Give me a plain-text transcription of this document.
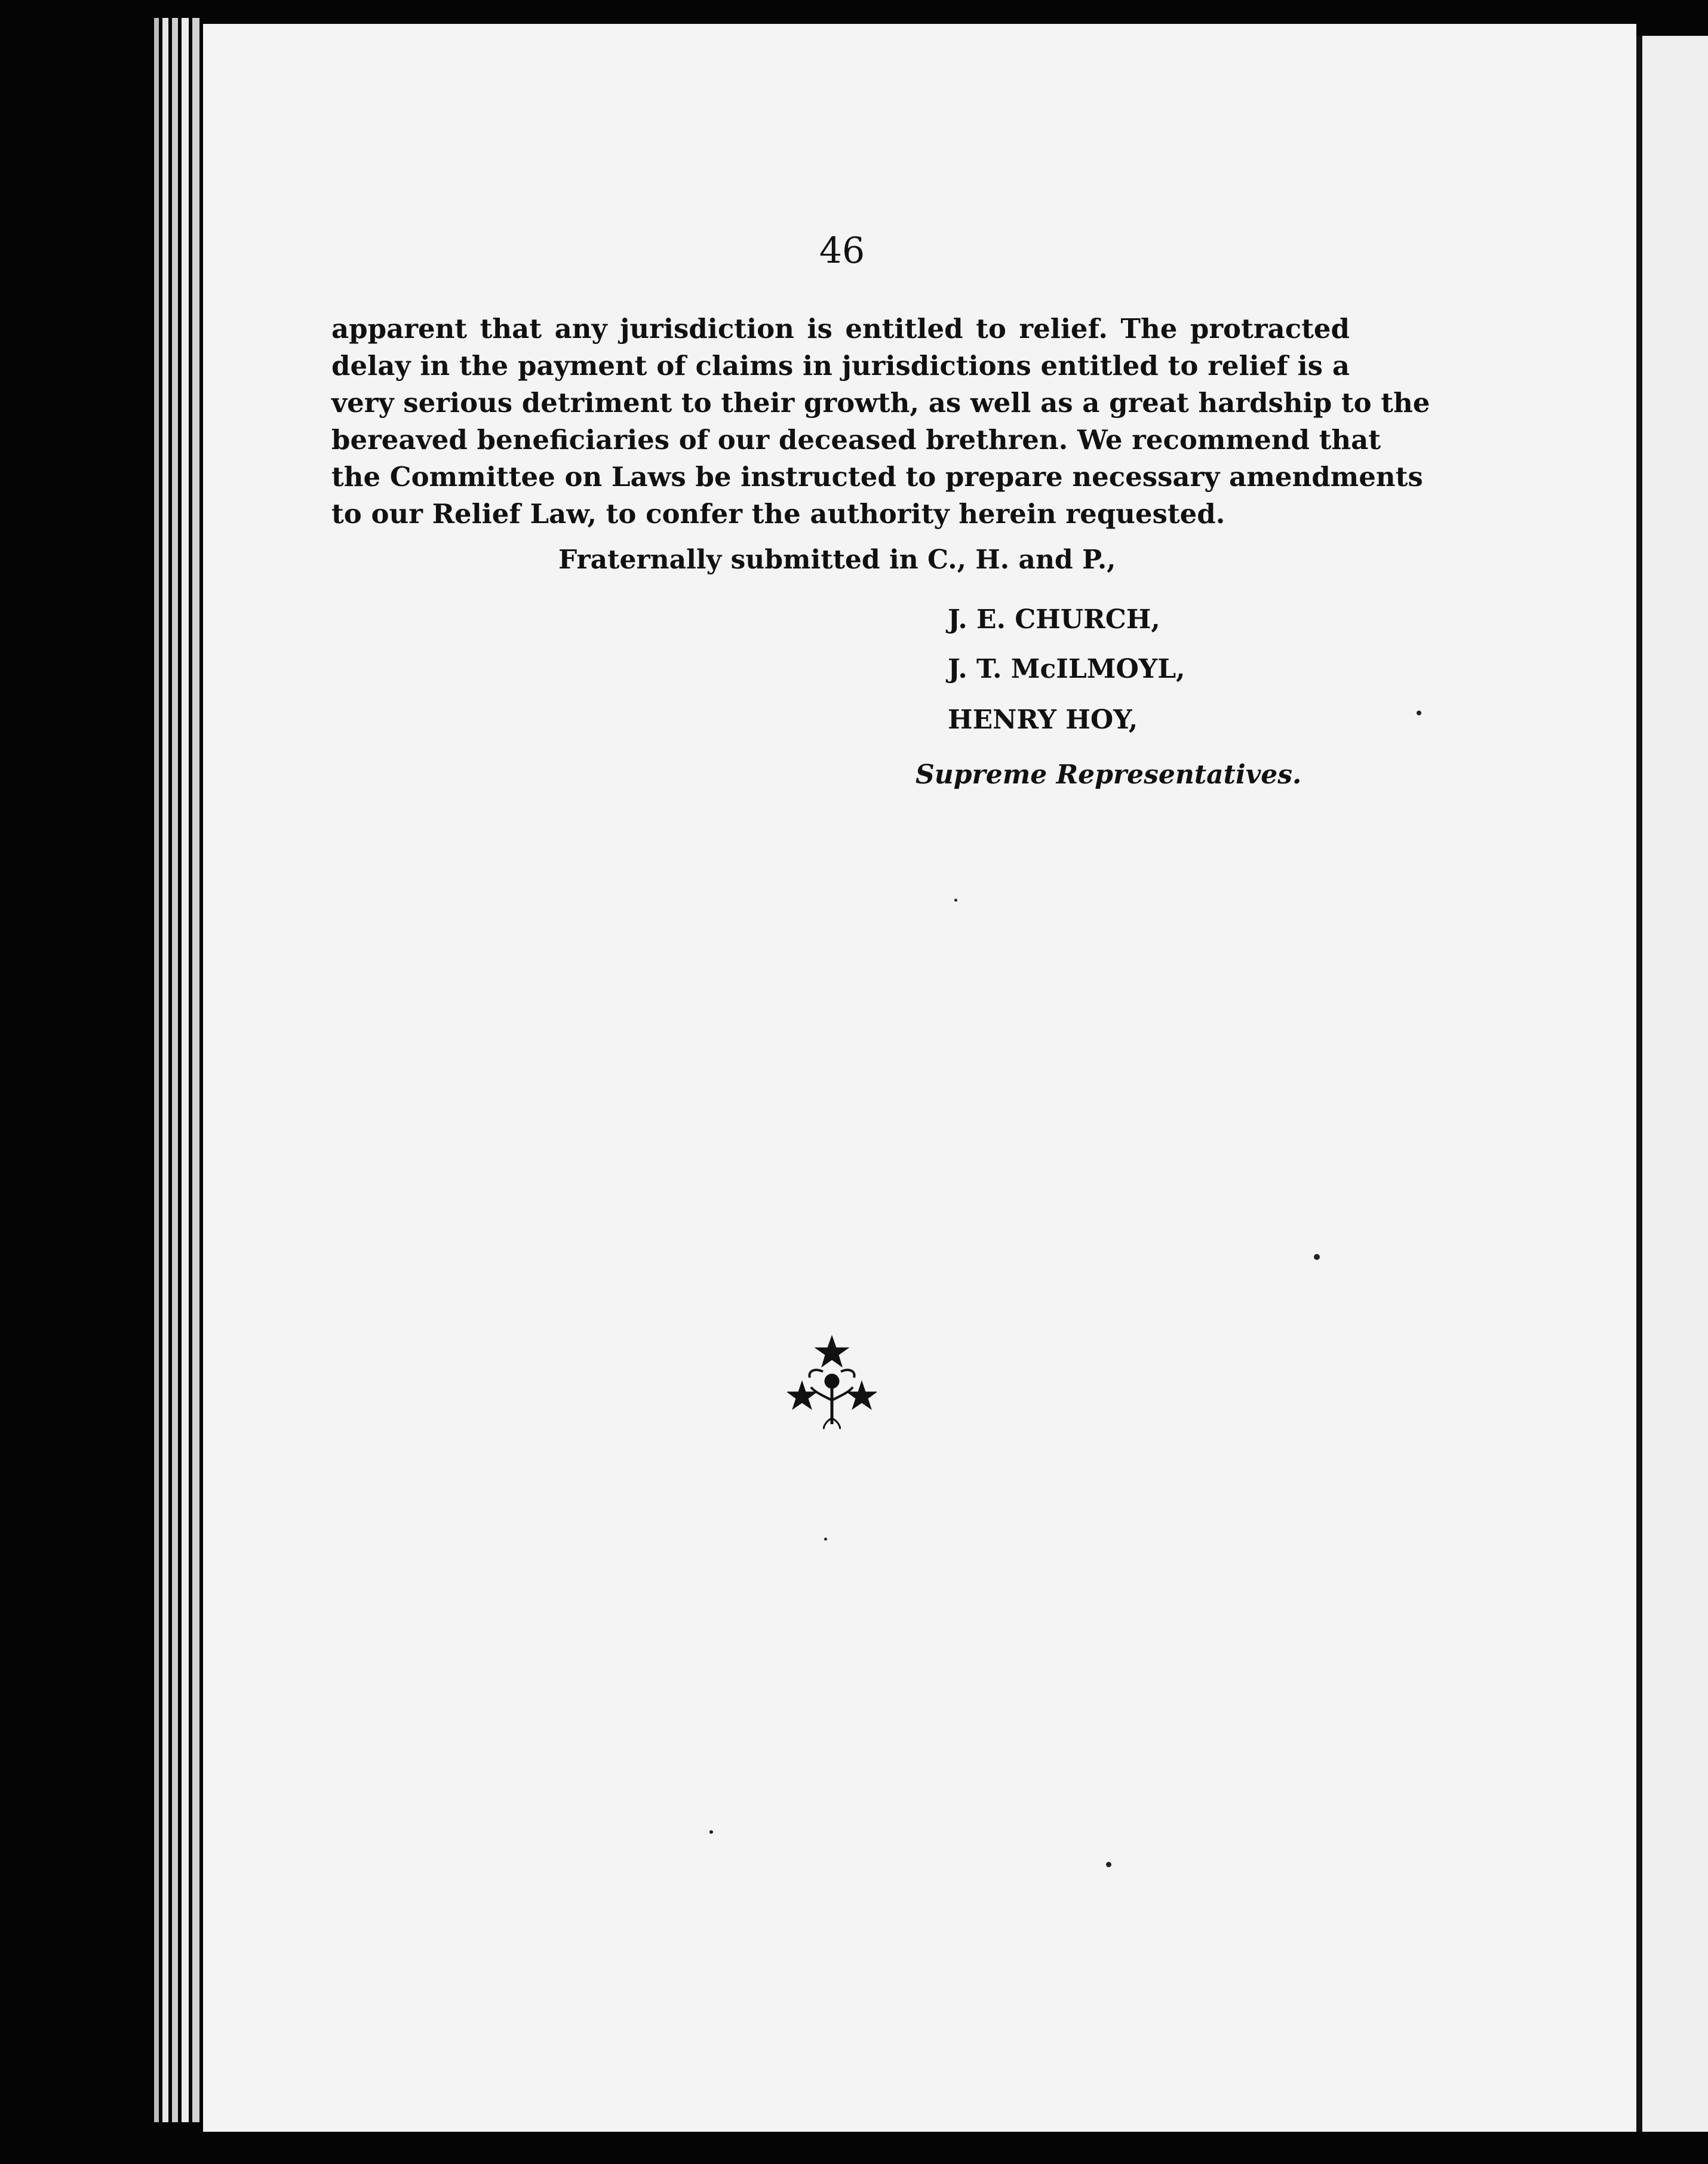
46

apparent that any jurisdiction is entitled to relief. The protracted
delay in the payment of claims in jurisdictions entitled to relief is a
very serious detriment to their growth, as well as a great hardship to the
bereaved beneficiaries of our deceased brethren. We recommend that
the Committee on Laws be instructed to prepare necessary amendments
to our Relief Law, to confer the authority herein requested.

Fraternally submitted in C., H. and P.,
J. E. CHURCH,
J. T. McILMOYL,
HENRY HOY,
Supreme Representatives.
